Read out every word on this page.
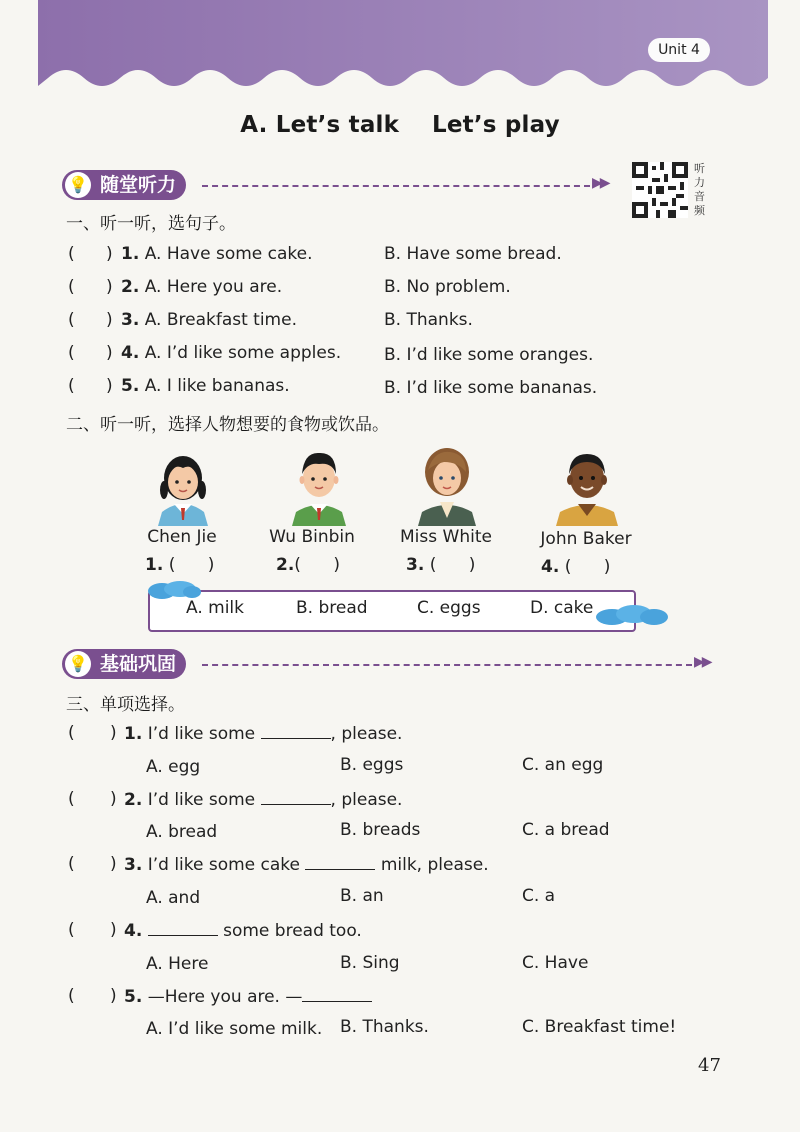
Unit 4
A. Let’s talk    Let’s play
💡 随堂听力	▶▶
听力音频
一、听一听，选句子。
( ) 1. A. Have some cake.	B. Have some bread.
( ) 2. A. Here you are.	B. No problem.
( ) 3. A. Breakfast time.	B. Thanks.
( ) 4. A. I’d like some apples.	B. I’d like some oranges.
( ) 5. A. I like bananas.	B. I’d like some bananas.
二、听一听，选择人物想要的食物或饮品。
Chen Jie	Wu Binbin	Miss White	John Baker
1. (      )	2.(      )	3. (      )	4. (      )
A. milk	B. bread	C. eggs	D. cake
💡 基础巩固	▶▶
三、单项选择。
( ) 1. I’d like some	, please.
A. egg	B. eggs	C. an egg
( ) 2. I’d like some	, please.
A. bread	B. breads	C. a bread
( ) 3. I’d like some cake	milk, please.
A. and	B. an	C. a
( ) 4.	some bread too.
A. Here	B. Sing	C. Have
( ) 5. —Here you are. —
A. I’d like some milk. B. Thanks.	C. Breakfast time!
47
